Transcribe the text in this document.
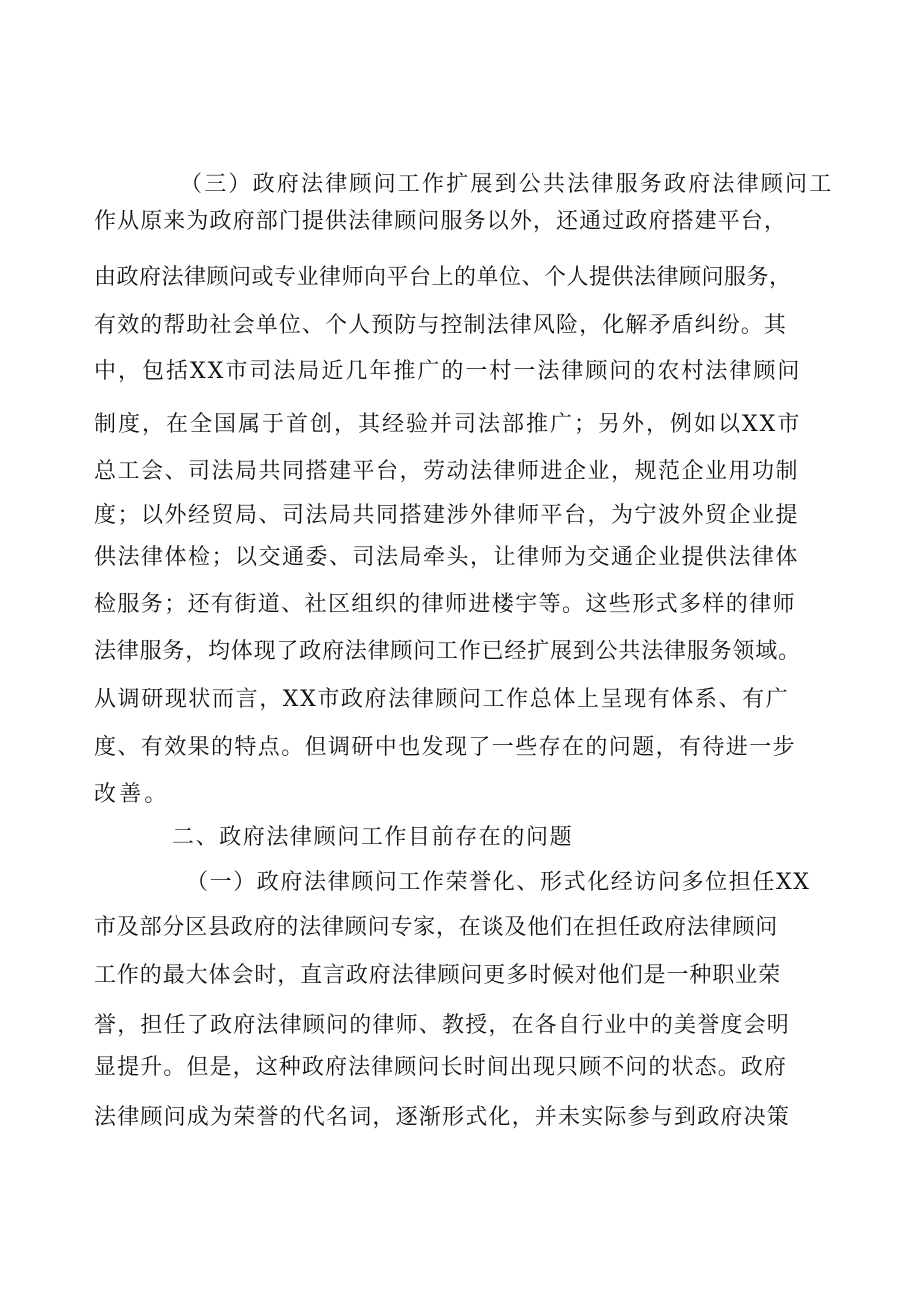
（三）政府法律顾问工作扩展到公共法律服务政府法律顾问工
作从原来为政府部门提供法律顾问服务以外，还通过政府搭建平台，
由政府法律顾问或专业律师向平台上的单位、个人提供法律顾问服务，
有效的帮助社会单位、个人预防与控制法律风险，化解矛盾纠纷。其
中，包括XX市司法局近几年推广的一村一法律顾问的农村法律顾问
制度，在全国属于首创，其经验并司法部推广；另外，例如以XX市
总工会、司法局共同搭建平台，劳动法律师进企业，规范企业用功制
度；以外经贸局、司法局共同搭建涉外律师平台，为宁波外贸企业提
供法律体检；以交通委、司法局牵头，让律师为交通企业提供法律体
检服务；还有街道、社区组织的律师进楼宇等。这些形式多样的律师
法律服务，均体现了政府法律顾问工作已经扩展到公共法律服务领域。
从调研现状而言，XX市政府法律顾问工作总体上呈现有体系、有广
度、有效果的特点。但调研中也发现了一些存在的问题，有待进一步
改善。
二、政府法律顾问工作目前存在的问题
（一）政府法律顾问工作荣誉化、形式化经访问多位担任XX
市及部分区县政府的法律顾问专家，在谈及他们在担任政府法律顾问
工作的最大体会时，直言政府法律顾问更多时候对他们是一种职业荣
誉，担任了政府法律顾问的律师、教授，在各自行业中的美誉度会明
显提升。但是，这种政府法律顾问长时间出现只顾不问的状态。政府
法律顾问成为荣誉的代名词，逐渐形式化，并未实际参与到政府决策
